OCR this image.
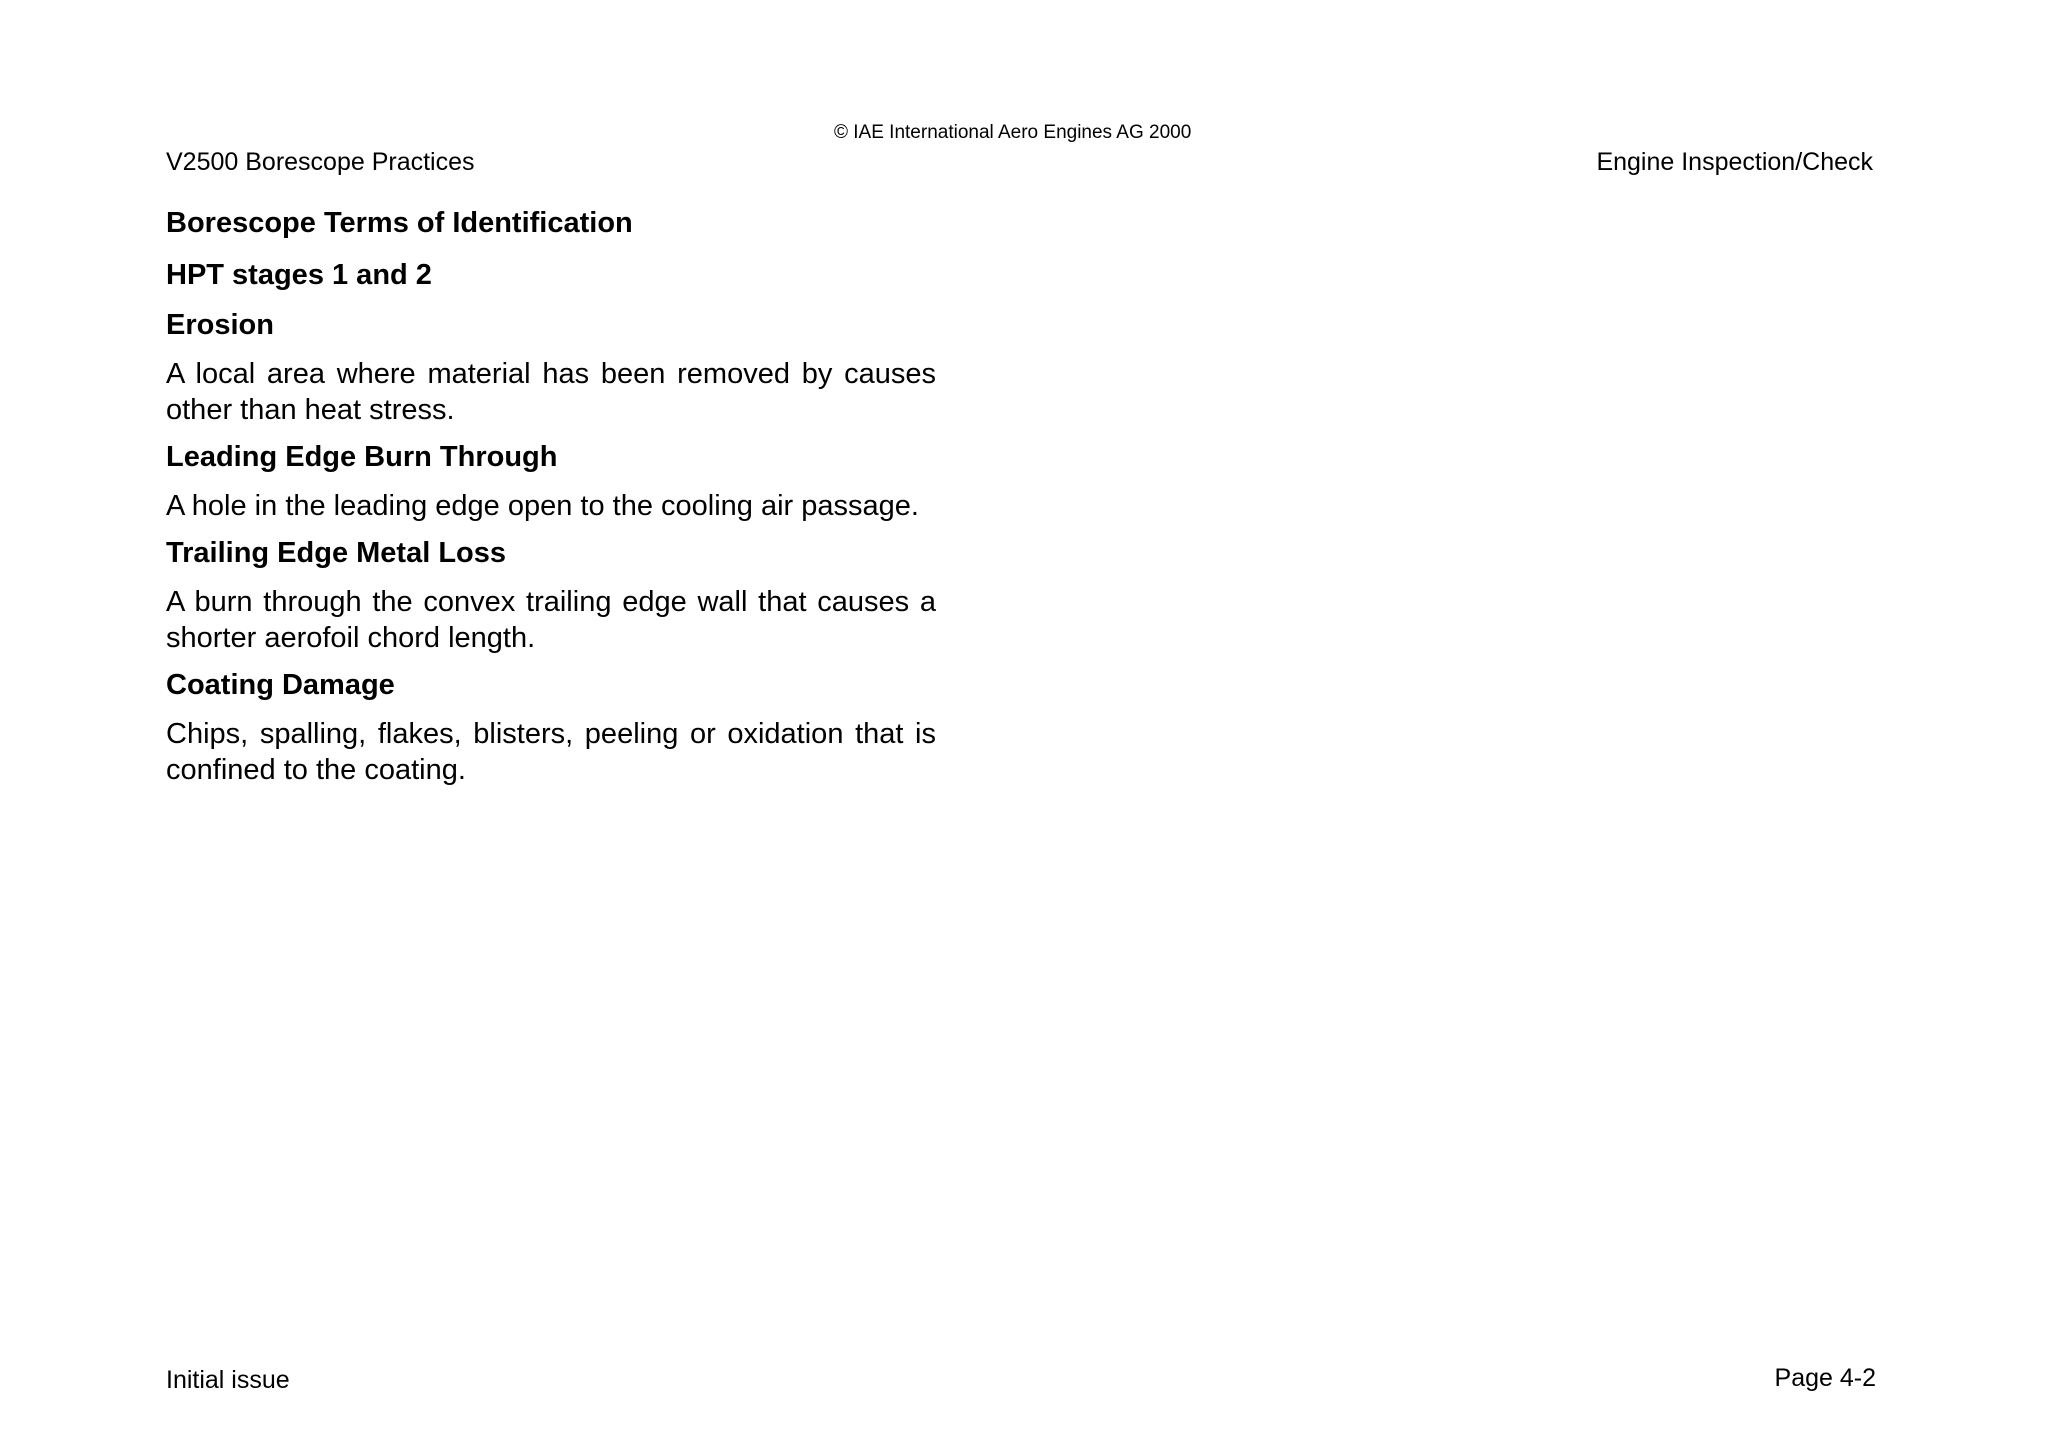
V2500 Borescope Practices
© IAE International Aero Engines AG 2000
Engine Inspection/Check
Borescope Terms of Identification
HPT stages 1 and 2
Erosion
A local area where material has been removed by causes other than heat stress.
Leading Edge Burn Through
A hole in the leading edge open to the cooling air passage.
Trailing Edge Metal Loss
A burn through the convex trailing edge wall that causes a shorter aerofoil chord length.
Coating Damage
Chips, spalling, flakes, blisters, peeling or oxidation that is confined to the coating.
Initial issue	Page 4-2
